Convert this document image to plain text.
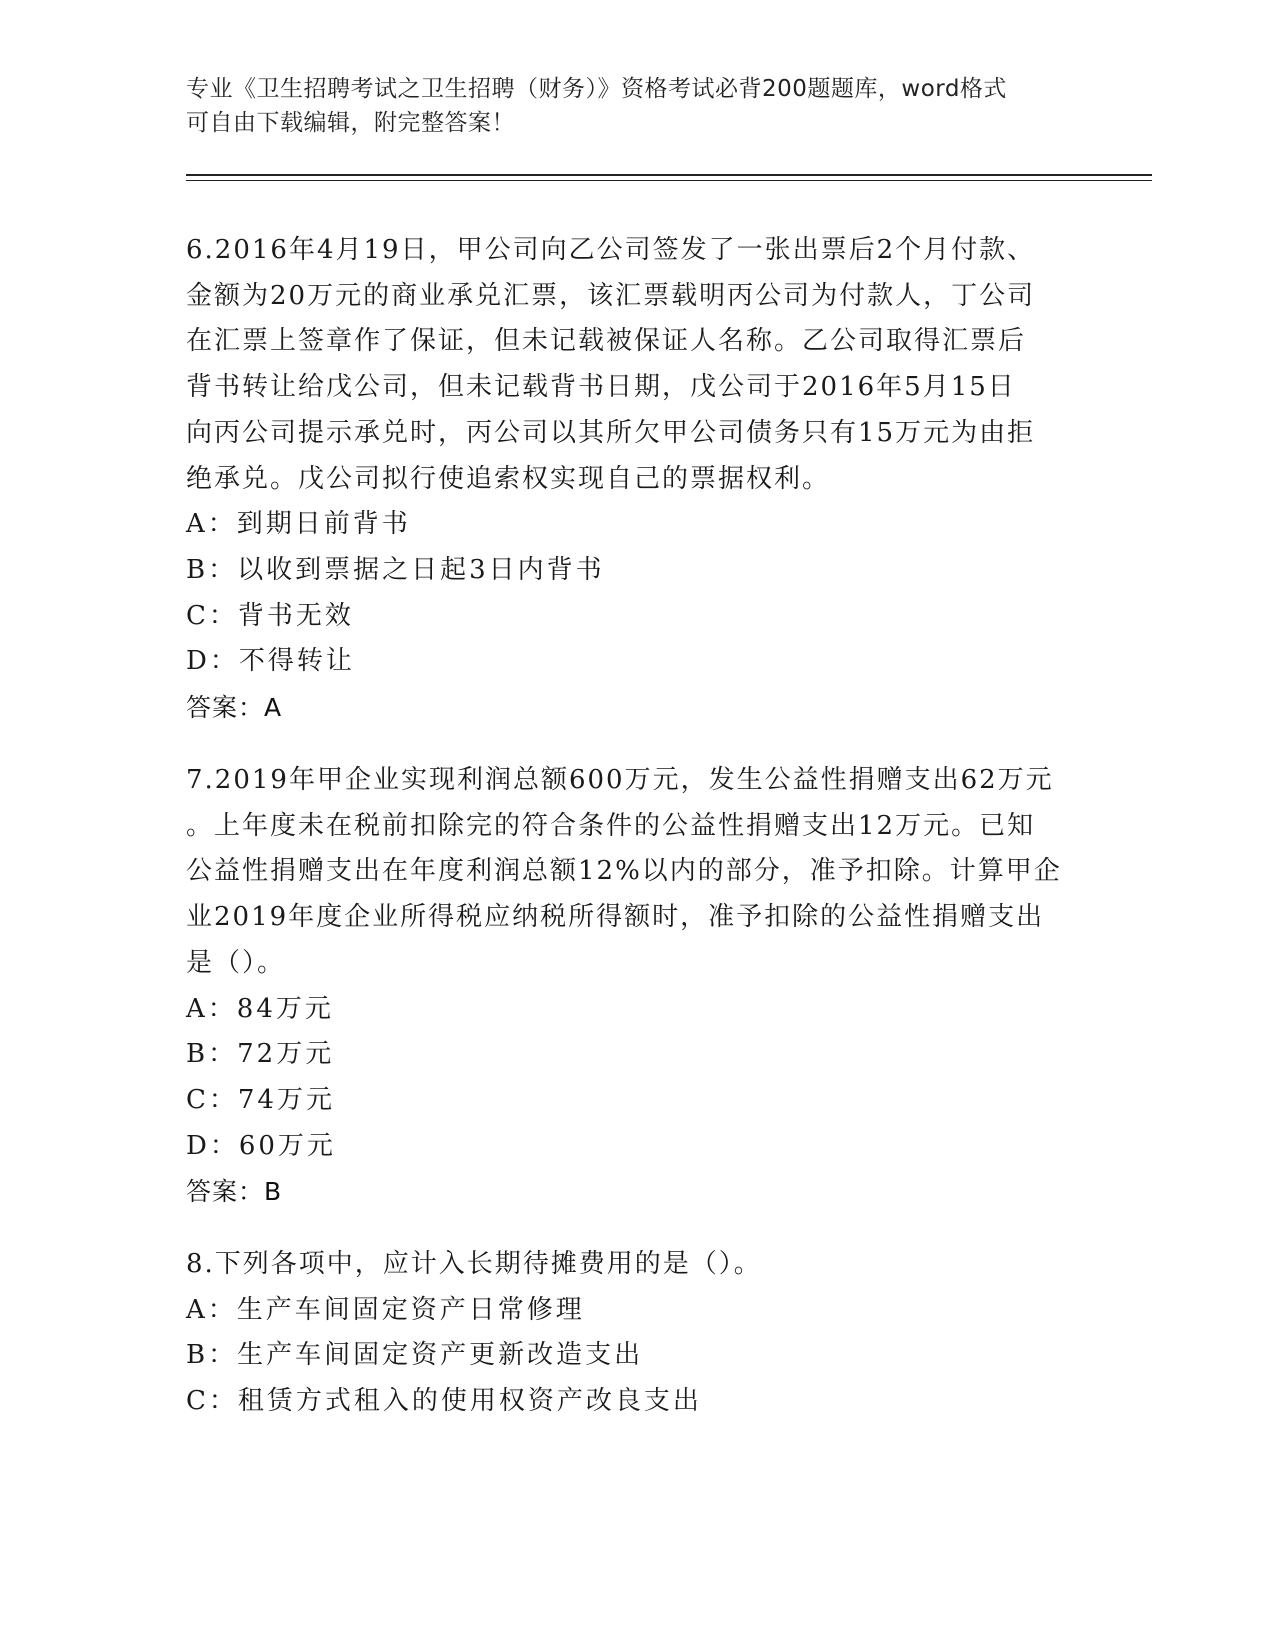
专业《卫生招聘考试之卫生招聘（财务）》资格考试必背200题题库，word格式
可自由下载编辑，附完整答案！
6.2016年4月19日，甲公司向乙公司签发了一张出票后2个月付款、
金额为20万元的商业承兑汇票，该汇票载明丙公司为付款人，丁公司
在汇票上签章作了保证，但未记载被保证人名称。乙公司取得汇票后
背书转让给戊公司，但未记载背书日期，戊公司于2016年5月15日
向丙公司提示承兑时，丙公司以其所欠甲公司债务只有15万元为由拒
绝承兑。戊公司拟行使追索权实现自己的票据权利。
A：到期日前背书
B：以收到票据之日起3日内背书
C：背书无效
D：不得转让
答案：A
7.2019年甲企业实现利润总额600万元，发生公益性捐赠支出62万元
。上年度未在税前扣除完的符合条件的公益性捐赠支出12万元。已知
公益性捐赠支出在年度利润总额12%以内的部分，准予扣除。计算甲企
业2019年度企业所得税应纳税所得额时，准予扣除的公益性捐赠支出
是（）。
A：84万元
B：72万元
C：74万元
D：60万元
答案：B
8.下列各项中，应计入长期待摊费用的是（）。
A：生产车间固定资产日常修理
B：生产车间固定资产更新改造支出
C：租赁方式租入的使用权资产改良支出
